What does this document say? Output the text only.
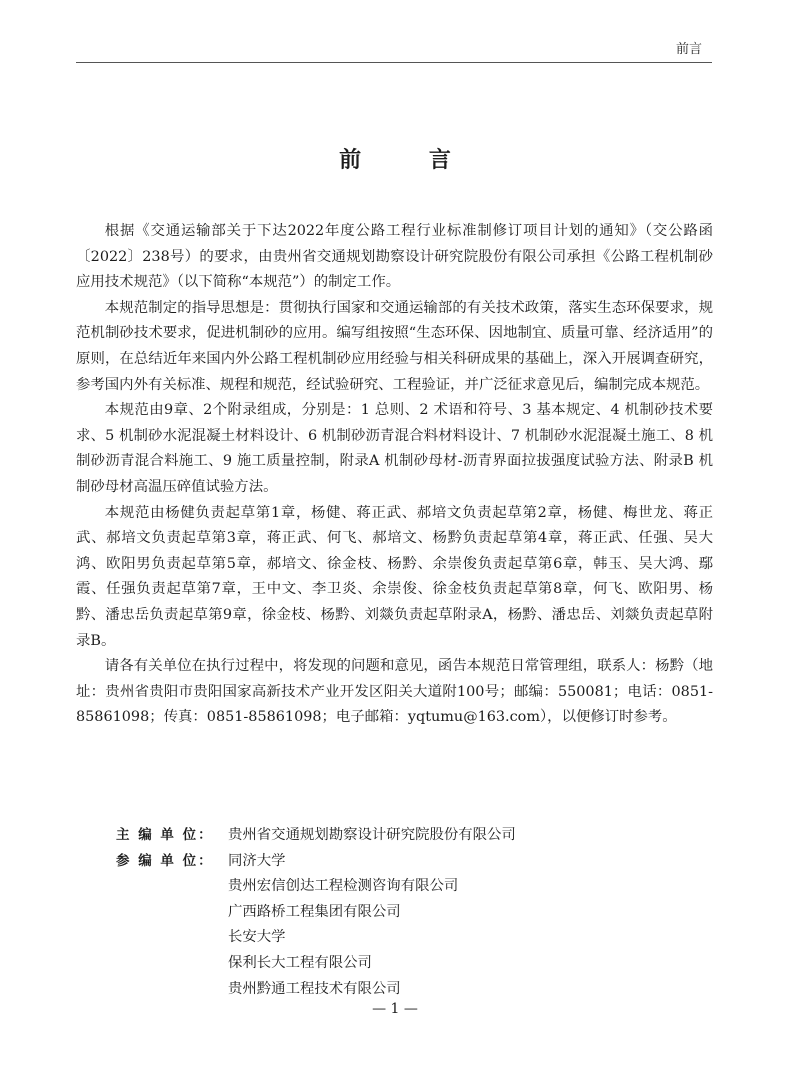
前言
前 言

根据《交通运输部关于下达2022年度公路工程行业标准制修订项目计划的通知》（交公路函〔2022〕238号）的要求，由贵州省交通规划勘察设计研究院股份有限公司承担《公路工程机制砂应用技术规范》（以下简称“本规范”）的制定工作。

本规范制定的指导思想是：贯彻执行国家和交通运输部的有关技术政策，落实生态环保要求，规范机制砂技术要求，促进机制砂的应用。编写组按照“生态环保、因地制宜、质量可靠、经济适用”的原则，在总结近年来国内外公路工程机制砂应用经验与相关科研成果的基础上，深入开展调查研究，参考国内外有关标准、规程和规范，经试验研究、工程验证，并广泛征求意见后，编制完成本规范。

本规范由9章、2个附录组成，分别是：1 总则、2 术语和符号、3 基本规定、4 机制砂技术要求、5 机制砂水泥混凝土材料设计、6 机制砂沥青混合料材料设计、7 机制砂水泥混凝土施工、8 机制砂沥青混合料施工、9 施工质量控制，附录A 机制砂母材-沥青界面拉拔强度试验方法、附录B 机制砂母材高温压碎值试验方法。

本规范由杨健负责起草第1章，杨健、蒋正武、郝培文负责起草第2章，杨健、梅世龙、蒋正武、郝培文负责起草第3章，蒋正武、何飞、郝培文、杨黔负责起草第4章，蒋正武、任强、吴大鸿、欧阳男负责起草第5章，郝培文、徐金枝、杨黔、余崇俊负责起草第6章，韩玉、吴大鸿、鄢霞、任强负责起草第7章，王中文、李卫炎、余崇俊、徐金枝负责起草第8章，何飞、欧阳男、杨黔、潘忠岳负责起草第9章，徐金枝、杨黔、刘燚负责起草附录A，杨黔、潘忠岳、刘燚负责起草附录B。

请各有关单位在执行过程中，将发现的问题和意见，函告本规范日常管理组，联系人：杨黔（地址：贵州省贵阳市贵阳国家高新技术产业开发区阳关大道附100号；邮编：550081；电话：0851-85861098；传真：0851-85861098；电子邮箱：yqtumu@163.com），以便修订时参考。

主 编 单 位： 贵州省交通规划勘察设计研究院股份有限公司
参 编 单 位： 同济大学
贵州宏信创达工程检测咨询有限公司
广西路桥工程集团有限公司
长安大学
保利长大工程有限公司
贵州黔通工程技术有限公司
— 1 —
